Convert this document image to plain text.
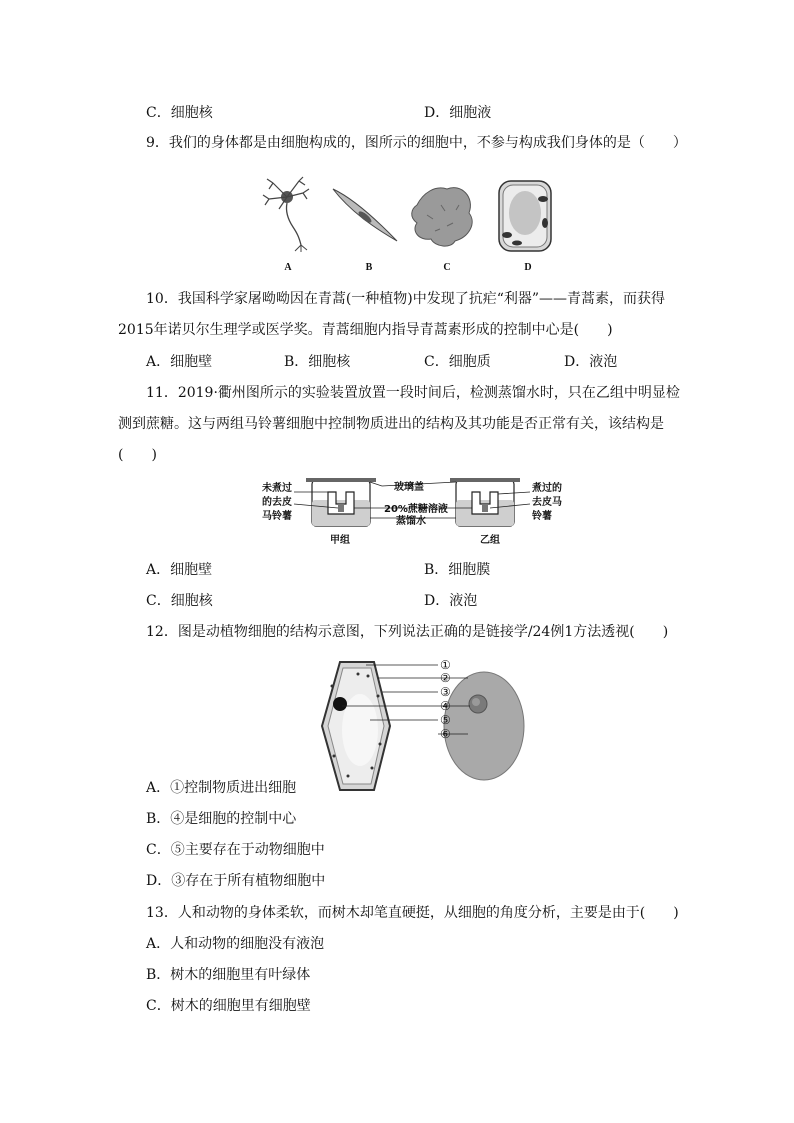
C．细胞核	D．细胞液
9．我们的身体都是由细胞构成的，图所示的细胞中，不参与构成我们身体的是（　　）
A	B	C	D
10．我国科学家屠呦呦因在青蒿(一种植物)中发现了抗疟“利器”——青蒿素，而获得
2015年诺贝尔生理学或医学奖。青蒿细胞内指导青蒿素形成的控制中心是(　　)
A．细胞壁	B．细胞核	C．细胞质	D．液泡
11．2019·衢州图所示的实验装置放置一段时间后，检测蒸馏水时，只在乙组中明显检
测到蔗糖。这与两组马铃薯细胞中控制物质进出的结构及其功能是否正常有关，该结构是
(　　)
未煮过
的去皮
马铃薯
玻璃盖
20%蔗糖溶液
蒸馏水
煮过的
去皮马
铃薯
甲组	乙组
A．细胞壁	B．细胞膜
C．细胞核	D．液泡
12．图是动植物细胞的结构示意图，下列说法正确的是链接学/24例1方法透视(　　)
①
②
③
④
⑤
⑥
A．①控制物质进出细胞
B．④是细胞的控制中心
C．⑤主要存在于动物细胞中
D．③存在于所有植物细胞中
13．人和动物的身体柔软，而树木却笔直硬挺，从细胞的角度分析，主要是由于(　　)
A．人和动物的细胞没有液泡
B．树木的细胞里有叶绿体
C．树木的细胞里有细胞壁
